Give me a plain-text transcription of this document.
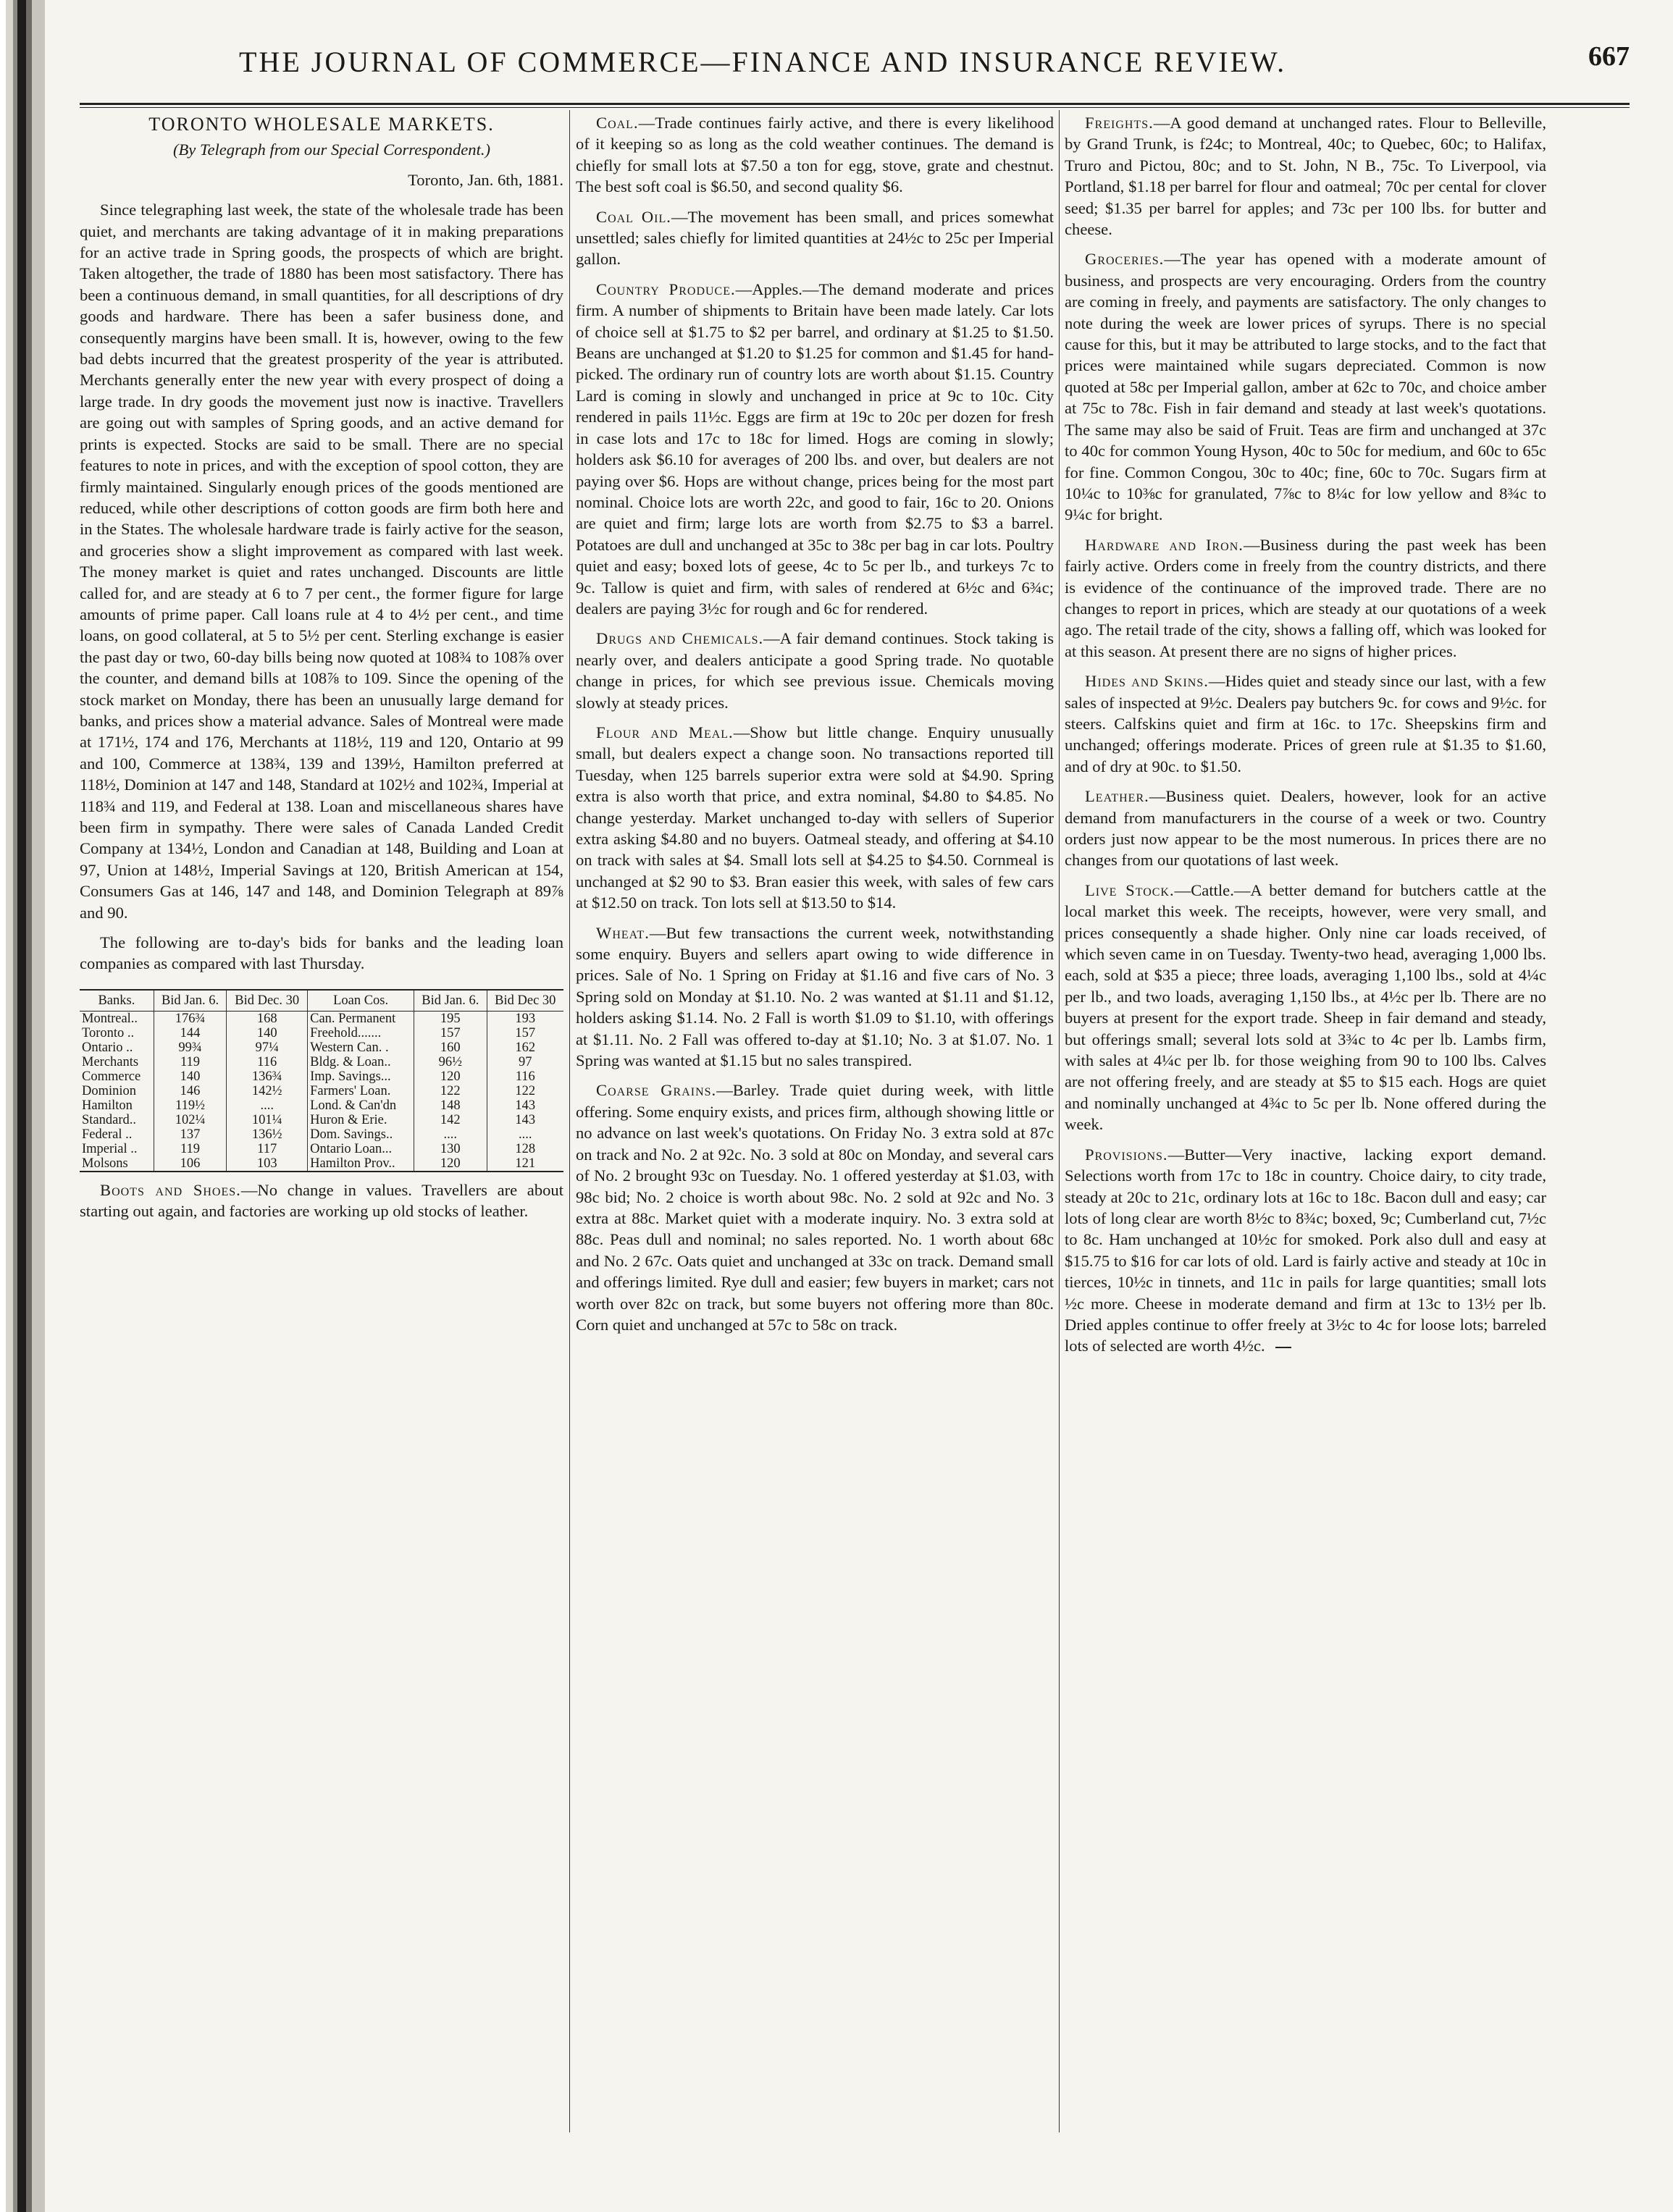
THE JOURNAL OF COMMERCE—FINANCE AND INSURANCE REVIEW.	667
TORONTO WHOLESALE MARKETS.

(By Telegraph from our Special Correspondent.)

Toronto, Jan. 6th, 1881.

Since telegraphing last week, the state of the wholesale trade has been quiet, and merchants are taking advantage of it in making preparations for an active trade in Spring goods, the prospects of which are bright. Taken altogether, the trade of 1880 has been most satisfactory. There has been a continuous demand, in small quantities, for all descriptions of dry goods and hardware. There has been a safer business done, and consequently margins have been small. It is, however, owing to the few bad debts incurred that the greatest prosperity of the year is attributed. Merchants generally enter the new year with every prospect of doing a large trade. In dry goods the movement just now is inactive. Travellers are going out with samples of Spring goods, and an active demand for prints is expected. Stocks are said to be small. There are no special features to note in prices, and with the exception of spool cotton, they are firmly maintained. Singularly enough prices of the goods mentioned are reduced, while other descriptions of cotton goods are firm both here and in the States. The wholesale hardware trade is fairly active for the season, and groceries show a slight improvement as compared with last week. The money market is quiet and rates unchanged. Discounts are little called for, and are steady at 6 to 7 per cent., the former figure for large amounts of prime paper. Call loans rule at 4 to 4½ per cent., and time loans, on good collateral, at 5 to 5½ per cent. Sterling exchange is easier the past day or two, 60-day bills being now quoted at 108¾ to 108⅞ over the counter, and demand bills at 108⅞ to 109. Since the opening of the stock market on Monday, there has been an unusually large demand for banks, and prices show a material advance. Sales of Montreal were made at 171½, 174 and 176, Merchants at 118½, 119 and 120, Ontario at 99 and 100, Commerce at 138¾, 139 and 139½, Hamilton preferred at 118½, Dominion at 147 and 148, Standard at 102½ and 102¾, Imperial at 118¾ and 119, and Federal at 138. Loan and miscellaneous shares have been firm in sympathy. There were sales of Canada Landed Credit Company at 134½, London and Canadian at 148, Building and Loan at 97, Union at 148½, Imperial Savings at 120, British American at 154, Consumers Gas at 146, 147 and 148, and Dominion Telegraph at 89⅞ and 90.

The following are to-day's bids for banks and the leading loan companies as compared with last Thursday.

Banks.	Bid Jan. 6.	Bid Dec. 30	Loan Cos.	Bid Jan. 6.	Bid Dec 30
Montreal..	176¾	168	Can. Permanent	195	193
Toronto ..	144	140	Freehold.......	157	157
Ontario ..	99¾	97¼	Western Can. .	160	162
Merchants	119	116	Bldg. & Loan..	96½	97
Commerce	140	136¾	Imp. Savings...	120	116
Dominion	146	142½	Farmers' Loan.	122	122
Hamilton	119½	....	Lond. & Can'dn	148	143
Standard..	102¼	101¼	Huron & Erie.	142	143
Federal ..	137	136½	Dom. Savings..	....	....
Imperial ..	119	117	Ontario Loan...	130	128
Molsons	106	103	Hamilton Prov..	120	121

Boots and Shoes.—No change in values. Travellers are about starting out again, and factories are working up old stocks of leather.

Coal.—Trade continues fairly active, and there is every likelihood of it keeping so as long as the cold weather continues. The demand is chiefly for small lots at $7.50 a ton for egg, stove, grate and chestnut. The best soft coal is $6.50, and second quality $6.

Coal Oil.—The movement has been small, and prices somewhat unsettled; sales chiefly for limited quantities at 24½c to 25c per Imperial gallon.

Country Produce.—Apples.—The demand moderate and prices firm. A number of shipments to Britain have been made lately. Car lots of choice sell at $1.75 to $2 per barrel, and ordinary at $1.25 to $1.50. Beans are unchanged at $1.20 to $1.25 for common and $1.45 for hand-picked. The ordinary run of country lots are worth about $1.15. Country Lard is coming in slowly and unchanged in price at 9c to 10c. City rendered in pails 11½c. Eggs are firm at 19c to 20c per dozen for fresh in case lots and 17c to 18c for limed. Hogs are coming in slowly; holders ask $6.10 for averages of 200 lbs. and over, but dealers are not paying over $6. Hops are without change, prices being for the most part nominal. Choice lots are worth 22c, and good to fair, 16c to 20. Onions are quiet and firm; large lots are worth from $2.75 to $3 a barrel. Potatoes are dull and unchanged at 35c to 38c per bag in car lots. Poultry quiet and easy; boxed lots of geese, 4c to 5c per lb., and turkeys 7c to 9c. Tallow is quiet and firm, with sales of rendered at 6½c and 6¾c; dealers are paying 3½c for rough and 6c for rendered.

Drugs and Chemicals.—A fair demand continues. Stock taking is nearly over, and dealers anticipate a good Spring trade. No quotable change in prices, for which see previous issue. Chemicals moving slowly at steady prices.

Flour and Meal.—Show but little change. Enquiry unusually small, but dealers expect a change soon. No transactions reported till Tuesday, when 125 barrels superior extra were sold at $4.90. Spring extra is also worth that price, and extra nominal, $4.80 to $4.85. No change yesterday. Market unchanged to-day with sellers of Superior extra asking $4.80 and no buyers. Oatmeal steady, and offering at $4.10 on track with sales at $4. Small lots sell at $4.25 to $4.50. Cornmeal is unchanged at $2 90 to $3. Bran easier this week, with sales of few cars at $12.50 on track. Ton lots sell at $13.50 to $14.

Wheat.—But few transactions the current week, notwithstanding some enquiry. Buyers and sellers apart owing to wide difference in prices. Sale of No. 1 Spring on Friday at $1.16 and five cars of No. 3 Spring sold on Monday at $1.10. No. 2 was wanted at $1.11 and $1.12, holders asking $1.14. No. 2 Fall is worth $1.09 to $1.10, with offerings at $1.11. No. 2 Fall was offered to-day at $1.10; No. 3 at $1.07. No. 1 Spring was wanted at $1.15 but no sales transpired.

Coarse Grains.—Barley. Trade quiet during week, with little offering. Some enquiry exists, and prices firm, although showing little or no advance on last week's quotations. On Friday No. 3 extra sold at 87c on track and No. 2 at 92c. No. 3 sold at 80c on Monday, and several cars of No. 2 brought 93c on Tuesday. No. 1 offered yesterday at $1.03, with 98c bid; No. 2 choice is worth about 98c. No. 2 sold at 92c and No. 3 extra at 88c. Market quiet with a moderate inquiry. No. 3 extra sold at 88c. Peas dull and nominal; no sales reported. No. 1 worth about 68c and No. 2 67c. Oats quiet and unchanged at 33c on track. Demand small and offerings limited. Rye dull and easier; few buyers in market; cars not worth over 82c on track, but some buyers not offering more than 80c. Corn quiet and unchanged at 57c to 58c on track.

Freights.—A good demand at unchanged rates. Flour to Belleville, by Grand Trunk, is f24c; to Montreal, 40c; to Quebec, 60c; to Halifax, Truro and Pictou, 80c; and to St. John, N B., 75c. To Liverpool, via Portland, $1.18 per barrel for flour and oatmeal; 70c per cental for clover seed; $1.35 per barrel for apples; and 73c per 100 lbs. for butter and cheese.

Groceries.—The year has opened with a moderate amount of business, and prospects are very encouraging. Orders from the country are coming in freely, and payments are satisfactory. The only changes to note during the week are lower prices of syrups. There is no special cause for this, but it may be attributed to large stocks, and to the fact that prices were maintained while sugars depreciated. Common is now quoted at 58c per Imperial gallon, amber at 62c to 70c, and choice amber at 75c to 78c. Fish in fair demand and steady at last week's quotations. The same may also be said of Fruit. Teas are firm and unchanged at 37c to 40c for common Young Hyson, 40c to 50c for medium, and 60c to 65c for fine. Common Congou, 30c to 40c; fine, 60c to 70c. Sugars firm at 10¼c to 10⅜c for granulated, 7⅞c to 8¼c for low yellow and 8¾c to 9¼c for bright.

Hardware and Iron.—Business during the past week has been fairly active. Orders come in freely from the country districts, and there is evidence of the continuance of the improved trade. There are no changes to report in prices, which are steady at our quotations of a week ago. The retail trade of the city, shows a falling off, which was looked for at this season. At present there are no signs of higher prices.

Hides and Skins.—Hides quiet and steady since our last, with a few sales of inspected at 9½c. Dealers pay butchers 9c. for cows and 9½c. for steers. Calfskins quiet and firm at 16c. to 17c. Sheepskins firm and unchanged; offerings moderate. Prices of green rule at $1.35 to $1.60, and of dry at 90c. to $1.50.

Leather.—Business quiet. Dealers, however, look for an active demand from manufacturers in the course of a week or two. Country orders just now appear to be the most numerous. In prices there are no changes from our quotations of last week.

Live Stock.—Cattle.—A better demand for butchers cattle at the local market this week. The receipts, however, were very small, and prices consequently a shade higher. Only nine car loads received, of which seven came in on Tuesday. Twenty-two head, averaging 1,000 lbs. each, sold at $35 a piece; three loads, averaging 1,100 lbs., sold at 4¼c per lb., and two loads, averaging 1,150 lbs., at 4½c per lb. There are no buyers at present for the export trade. Sheep in fair demand and steady, but offerings small; several lots sold at 3¾c to 4c per lb. Lambs firm, with sales at 4¼c per lb. for those weighing from 90 to 100 lbs. Calves are not offering freely, and are steady at $5 to $15 each. Hogs are quiet and nominally unchanged at 4¾c to 5c per lb. None offered during the week.

Provisions.—Butter—Very inactive, lacking export demand. Selections worth from 17c to 18c in country. Choice dairy, to city trade, steady at 20c to 21c, ordinary lots at 16c to 18c. Bacon dull and easy; car lots of long clear are worth 8½c to 8¾c; boxed, 9c; Cumberland cut, 7½c to 8c. Ham unchanged at 10½c for smoked. Pork also dull and easy at $15.75 to $16 for car lots of old. Lard is fairly active and steady at 10c in tierces, 10½c in tinnets, and 11c in pails for large quantities; small lots ½c more. Cheese in moderate demand and firm at 13c to 13½ per lb. Dried apples continue to offer freely at 3½c to 4c for loose lots; barreled lots of selected are worth 4½c.
